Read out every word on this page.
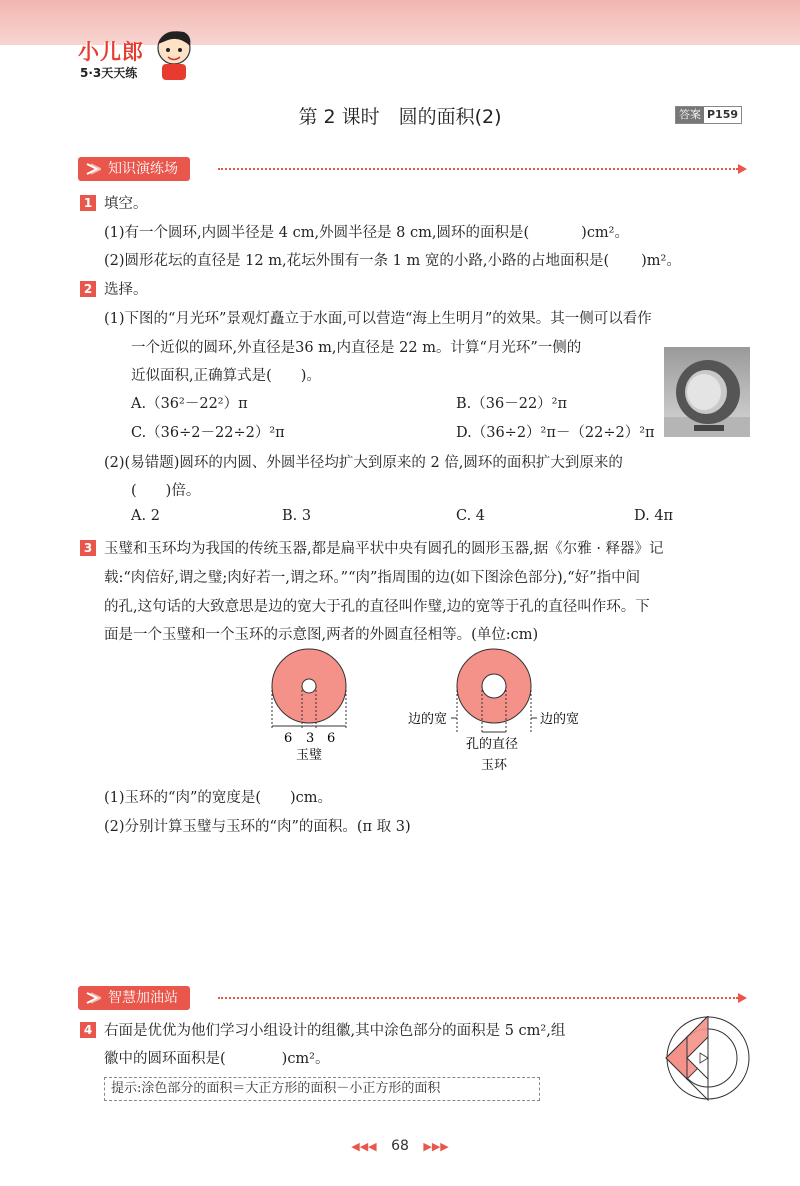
小儿郎
5·3天天练
第 2 课时　圆的面积(2)	答案 P159
知识演练场
1 填空。
(1)有一个圆环,内圆半径是 4 cm,外圆半径是 8 cm,圆环的面积是(	)cm²。
(2)圆形花坛的直径是 12 m,花坛外围有一条 1 m 宽的小路,小路的占地面积是( )m²。
2 选择。
(1)下图的“月光环”景观灯矗立于水面,可以营造“海上生明月”的效果。其一侧可以看作
一个近似的圆环,外直径是36 m,内直径是 22 m。计算“月光环”一侧的
近似面积,正确算式是(　　)。
A.（36²－22²）π	B.（36－22）²π
C.（36÷2－22÷2）²π	D.（36÷2）²π－（22÷2）²π
(2)(易错题)圆环的内圆、外圆半径均扩大到原来的 2 倍,圆环的面积扩大到原来的
(　　)倍。
A. 2	B. 3	C. 4	D. 4π
3 玉璧和玉环均为我国的传统玉器,都是扁平状中央有圆孔的圆形玉器,据《尔雅 · 释器》记
载:“肉倍好,谓之璧;肉好若一,谓之环。”“肉”指周围的边(如下图涂色部分),“好”指中间
的孔,这句话的大致意思是边的宽大于孔的直径叫作璧,边的宽等于孔的直径叫作环。下
面是一个玉璧和一个玉环的示意图,两者的外圆直径相等。(单位:cm)
6 3 6
玉璧
边的宽	边的宽
孔的直径
玉环
(1)玉环的“肉”的宽度是(　　)cm。
(2)分别计算玉璧与玉环的“肉”的面积。(π 取 3)
智慧加油站
4 右面是优优为他们学习小组设计的组徽,其中涂色部分的面积是 5 cm²,组
徽中的圆环面积是(	)cm²。
提示:涂色部分的面积＝大正方形的面积－小正方形的面积
◀◀◀ 68 ▶▶▶
